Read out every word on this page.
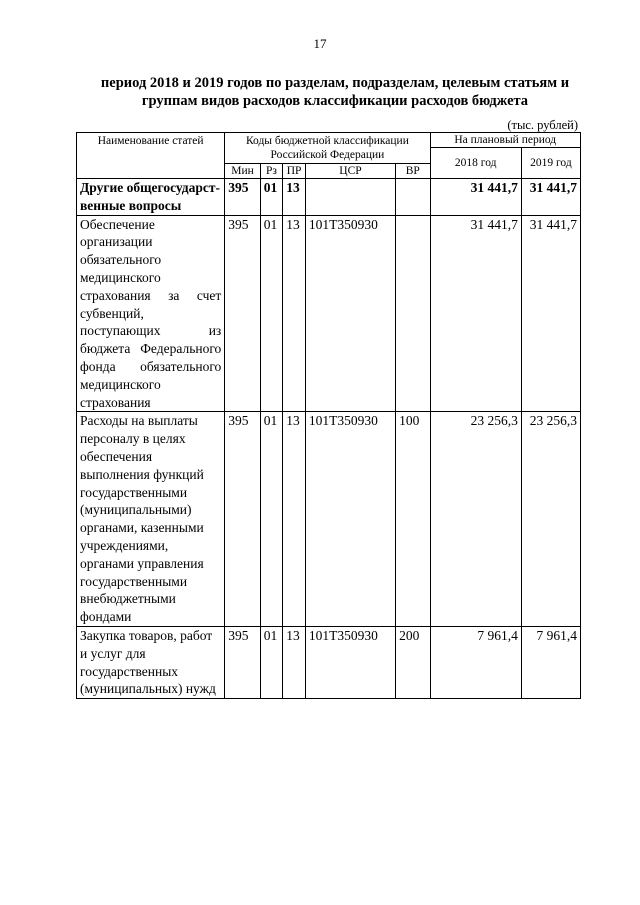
17
период 2018 и 2019 годов по разделам, подразделам, целевым статьям и
группам видов расходов классификации расходов бюджета
(тыс. рублей)
Наименование статей	Коды бюджетной классификации Российской Федерации					На плановый период	
						2018 год	2019 год
	Мин	Рз	ПР	ЦСР	ВР		
Другие общегосударст-венные вопросы	395	01	13			31 441,7	31 441,7
Обеспечение организации обязательного медицинского страхования за счет субвенций, поступающих из бюджета Федерального фонда обязательного медицинского страхования	395	01	13	101Т350930		31 441,7	31 441,7
Расходы на выплаты персоналу в целях обеспечения выполнения функций государственными (муниципальными) органами, казенными учреждениями, органами управления государственными внебюджетными фондами	395	01	13	101Т350930	100	23 256,3	23 256,3
Закупка товаров, работ и услуг для государственных (муниципальных) нужд	395	01	13	101Т350930	200	7 961,4	7 961,4
